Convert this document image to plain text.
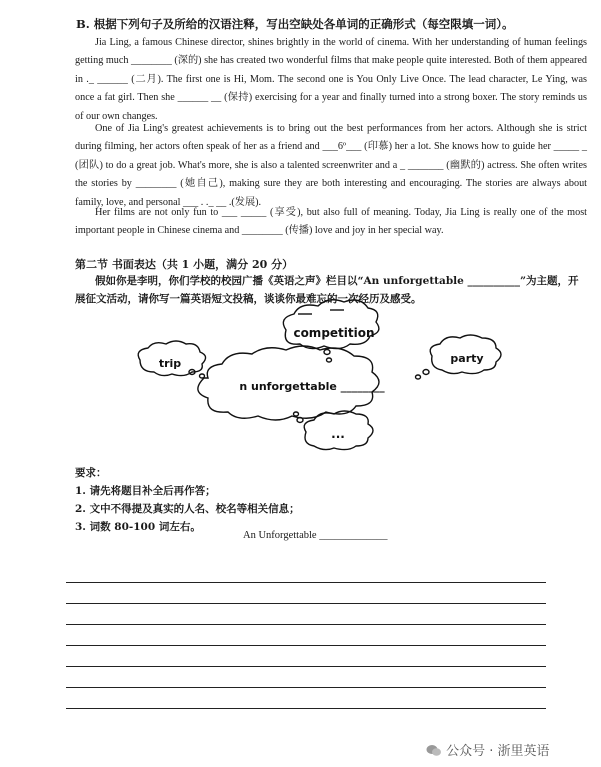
B. 根据下列句子及所给的汉语注释，写出空缺处各单词的正确形式（每空限填一词）。
Jia Ling, a famous Chinese director, shines brightly in the world of cinema. With her understanding of human feelings getting much ________ (深的) she has created two wonderful films that make people quite interested. Both of them appeared in ._ ______ (二月). The first one is Hi, Mom. The second one is You Only Live Once. The lead character, Le Ying, was once a fat girl. Then she ______ __ (保持) exercising for a year and finally turned into a strong boxer. The story reminds us of our own changes.
One of Jia Ling's greatest achievements is to bring out the best performances from her actors. Although she is strict during filming, her actors often speak of her as a friend and ___6º___ (印慕) her a lot. She knows how to guide her _____ _ (团队) to do a great job. What's more, she is also a talented screenwriter and a _ _______ (幽默的) actress. She often writes the stories by ________ (她自己), making sure they are both interesting and encouraging. The stories are always about family, love, and personal ___ . ._ __ .(发展).
Her films are not only fun to ___ _____ (享受), but also full of meaning. Today, Jia Ling is really one of the most important people in Chinese cinema and ________ (传播) love and joy in her special way.
第二节 书面表达（共 1 小题，满分 20 分）
假如你是李明，你们学校的校园广播《英语之声》栏目以“An unforgettable __________”为主题，开展征文活动，请你写一篇英语短文投稿，谈谈你最难忘的一次经历及感受。
competition
trip	party
n unforgettable ________
...
要求：
1. 请先将题目补全后再作答；
2. 文中不得提及真实的人名、校名等相关信息；
3. 词数 80-100 词左右。
An Unforgettable _____________
公众号 · 浙里英语
